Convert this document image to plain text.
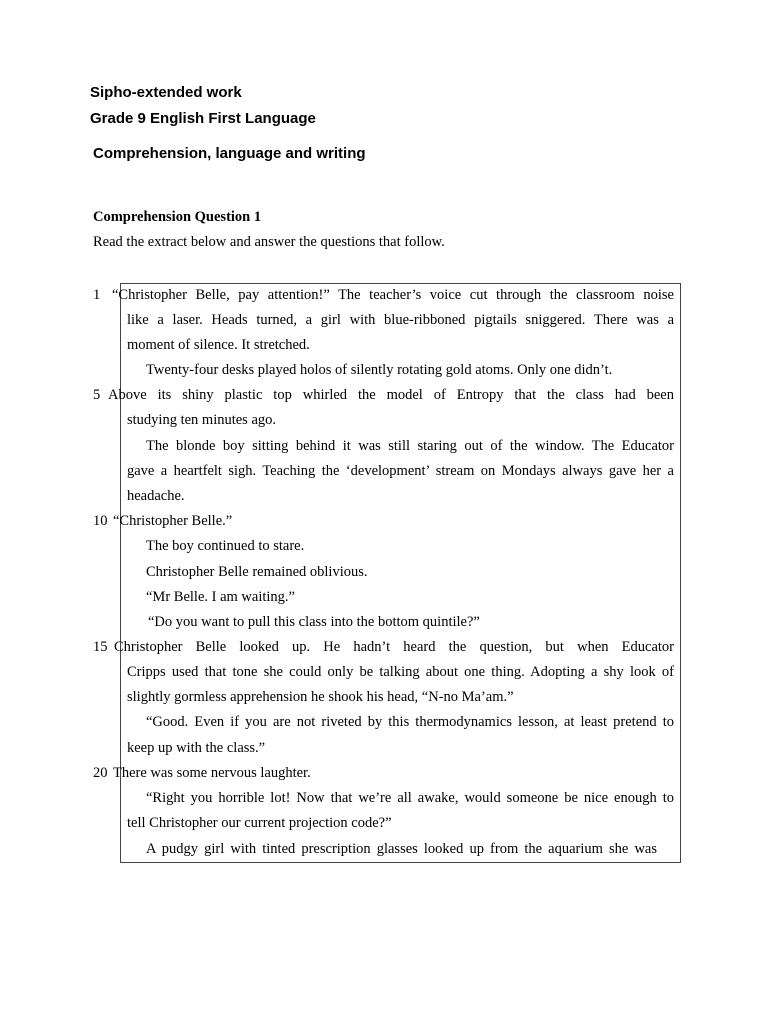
Sipho-extended work
Grade 9 English First Language
Comprehension, language and writing
Comprehension Question 1
Read the extract below and answer the questions that follow.
1
5
10
15
20
“Christopher Belle, pay attention!” The teacher’s voice cut through the classroom noise
like a laser. Heads turned, a girl with blue-ribboned pigtails sniggered. There was a
moment of silence. It stretched.
Twenty-four desks played holos of silently rotating gold atoms. Only one didn’t.
Above its shiny plastic top whirled the model of Entropy that the class had been
studying ten minutes ago.
The blonde boy sitting behind it was still staring out of the window. The Educator
gave a heartfelt sigh. Teaching the ‘development’ stream on Mondays always gave her a
headache.
“Christopher Belle.”
The boy continued to stare.
Christopher Belle remained oblivious.
“Mr Belle. I am waiting.”
“Do you want to pull this class into the bottom quintile?”
Christopher Belle looked up. He hadn’t heard the question, but when Educator
Cripps used that tone she could only be talking about one thing. Adopting a shy look of
slightly gormless apprehension he shook his head, “N-no Ma’am.”
“Good. Even if you are not riveted by this thermodynamics lesson, at least pretend to
keep up with the class.”
There was some nervous laughter.
“Right you horrible lot! Now that we’re all awake, would someone be nice enough to
tell Christopher our current projection code?”
A pudgy girl with tinted prescription glasses looked up from the aquarium she was
